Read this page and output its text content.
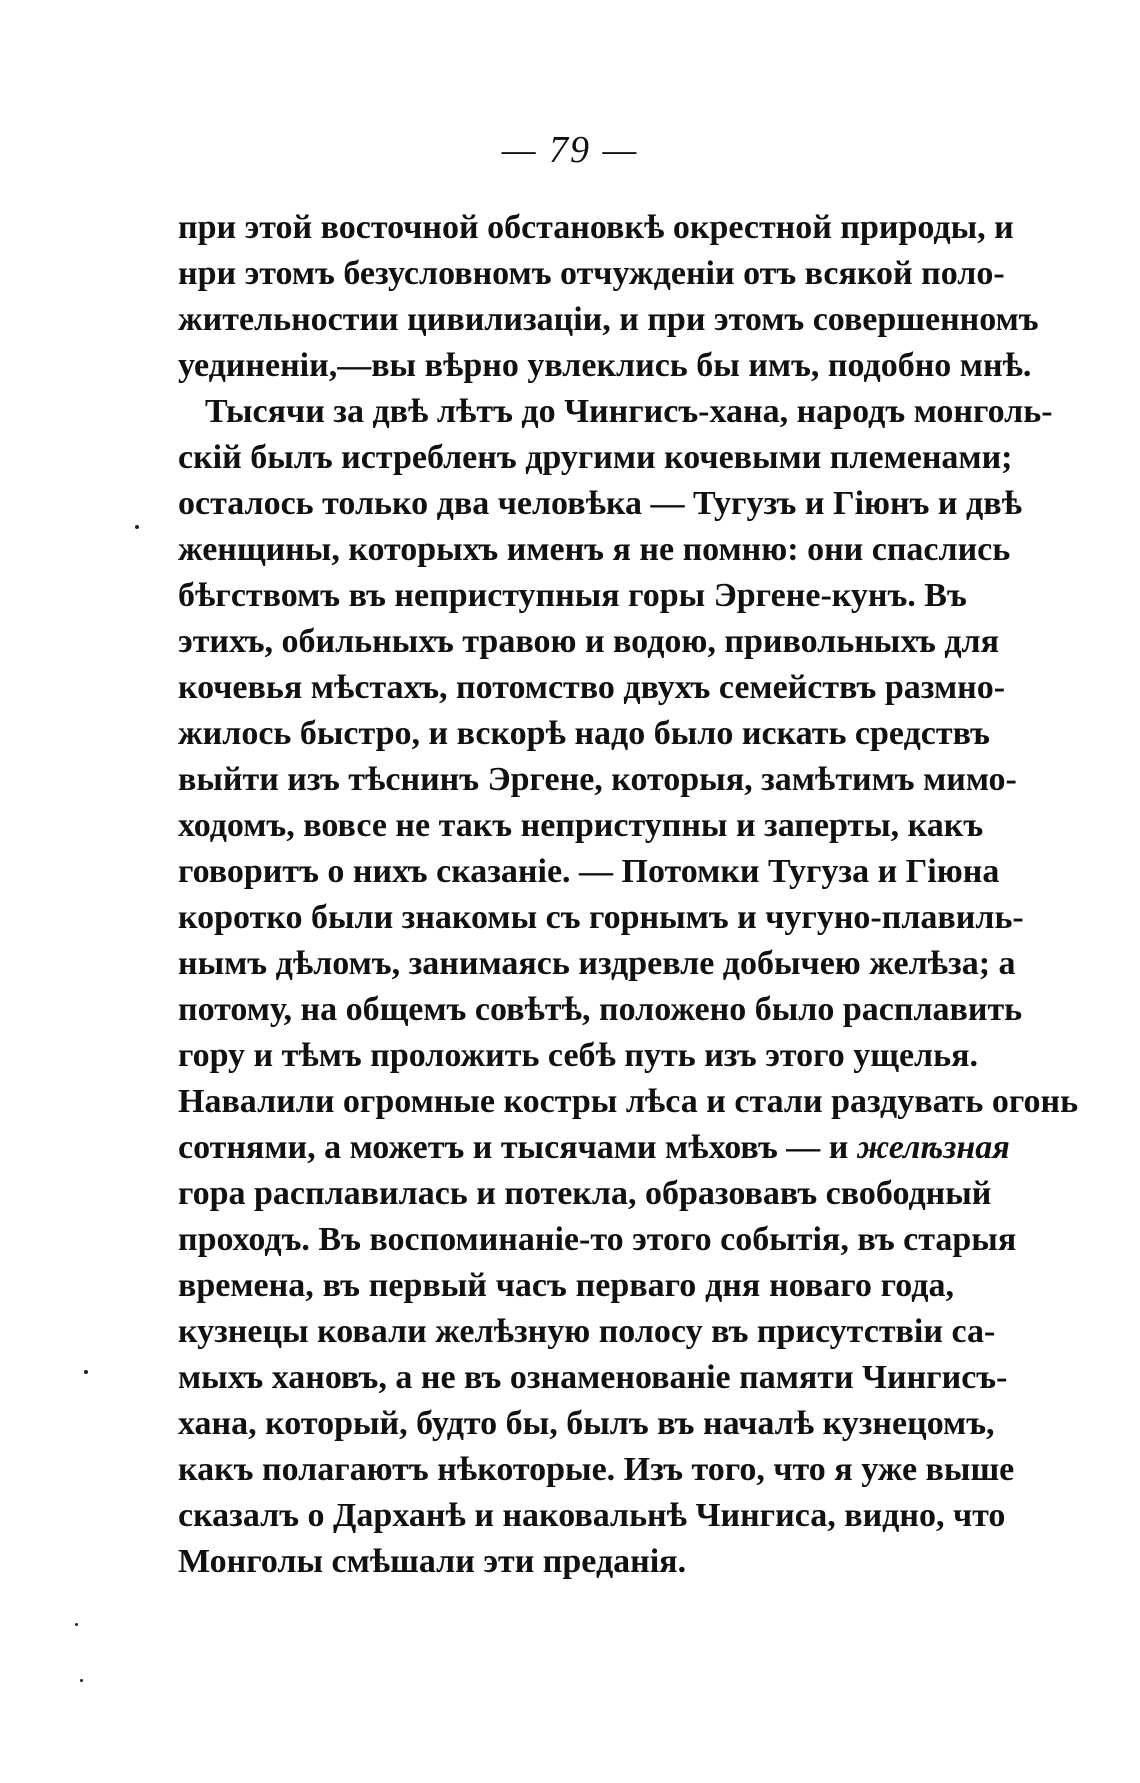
— 79 —
при этой восточной обстановкѣ окрестной природы, и
нри этомъ безусловномъ отчужденіи отъ всякой поло-
жительностии цивилизаціи, и при этомъ совершенномъ
уединеніи,—вы вѣрно увлеклись бы имъ, подобно мнѣ.
Тысячи за двѣ лѣтъ до Чингисъ-хана, народъ монголь-
скій былъ истребленъ другими кочевыми племенами;
осталось только два человѣка — Тугузъ и Гіюнъ и двѣ
женщины, которыхъ именъ я не помню: они спаслись
бѣгствомъ въ неприступныя горы Эргене-кунъ. Въ
этихъ, обильныхъ травою и водою, привольныхъ для
кочевья мѣстахъ, потомство двухъ семействъ размно-
жилось быстро, и вскорѣ надо было искать средствъ
выйти изъ тѣснинъ Эргене, которыя, замѣтимъ мимо-
ходомъ, вовсе не такъ неприступны и заперты, какъ
говоритъ о нихъ сказаніе. — Потомки Тугуза и Гіюна
коротко были знакомы съ горнымъ и чугуно-плавиль-
нымъ дѣломъ, занимаясь издревле добычею желѣза; а
потому, на общемъ совѣтѣ, положено было расплавить
гору и тѣмъ проложить себѣ путь изъ этого ущелья.
Навалили огромные костры лѣса и стали раздувать огонь
сотнями, а можетъ и тысячами мѣховъ — и желѣзная
гора расплавилась и потекла, образовавъ свободный
проходъ. Въ воспоминаніе-то этого событія, въ старыя
времена, въ первый часъ перваго дня новаго года,
кузнецы ковали желѣзную полосу въ присутствіи са-
мыхъ хановъ, а не въ ознаменованіе памяти Чингисъ-
хана, который, будто бы, былъ въ началѣ кузнецомъ,
какъ полагаютъ нѣкоторые. Изъ того, что я уже выше
сказалъ о Дарханѣ и наковальнѣ Чингиса, видно, что
Монголы смѣшали эти преданія.
